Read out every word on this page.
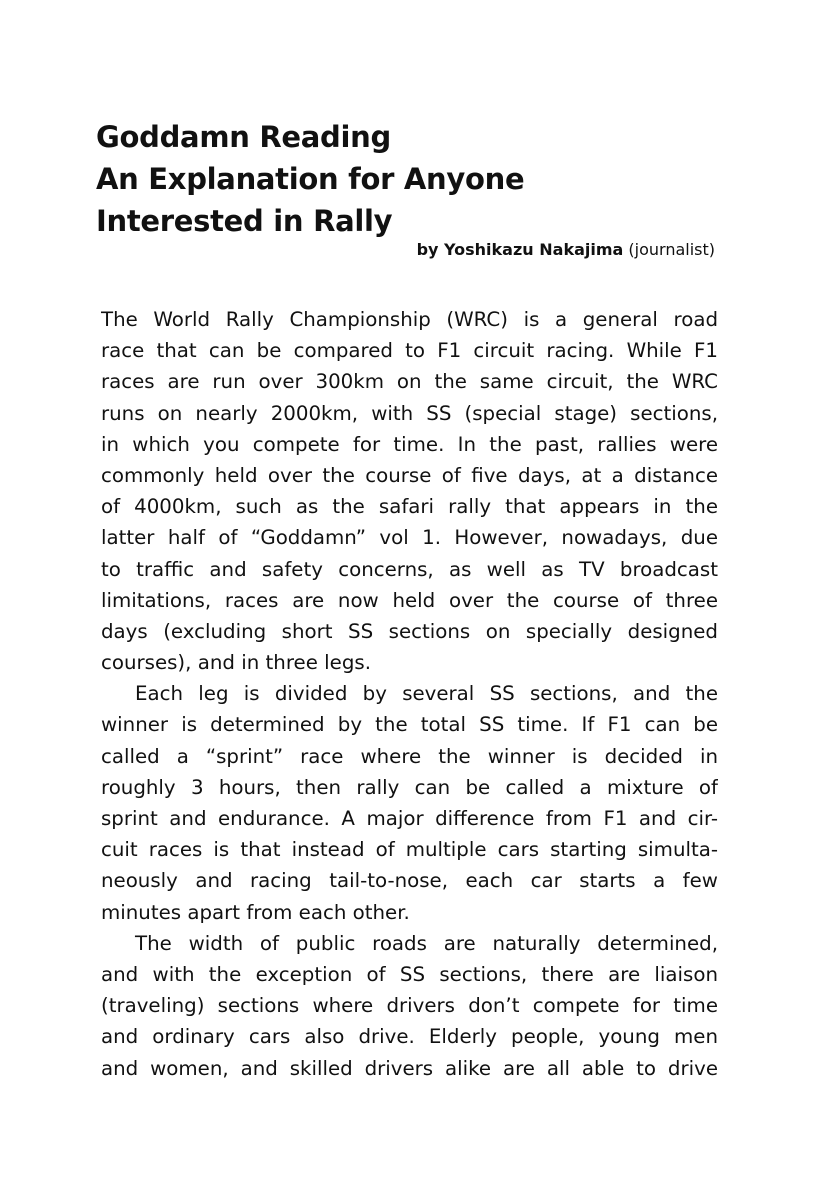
Goddamn Reading
An Explanation for Anyone
Interested in Rally
by Yoshikazu Nakajima (journalist)
The World Rally Championship (WRC) is a general road
race that can be compared to F1 circuit racing. While F1
races are run over 300km on the same circuit, the WRC
runs on nearly 2000km, with SS (special stage) sections,
in which you compete for time. In the past, rallies were
commonly held over the course of five days, at a distance
of 4000km, such as the safari rally that appears in the
latter half of “Goddamn” vol 1. However, nowadays, due
to traffic and safety concerns, as well as TV broadcast
limitations, races are now held over the course of three
days (excluding short SS sections on specially designed
courses), and in three legs.
Each leg is divided by several SS sections, and the
winner is determined by the total SS time. If F1 can be
called a “sprint” race where the winner is decided in
roughly 3 hours, then rally can be called a mixture of
sprint and endurance. A major difference from F1 and cir-
cuit races is that instead of multiple cars starting simulta-
neously and racing tail-to-nose, each car starts a few
minutes apart from each other.
The width of public roads are naturally determined,
and with the exception of SS sections, there are liaison
(traveling) sections where drivers don’t compete for time
and ordinary cars also drive. Elderly people, young men
and women, and skilled drivers alike are all able to drive
